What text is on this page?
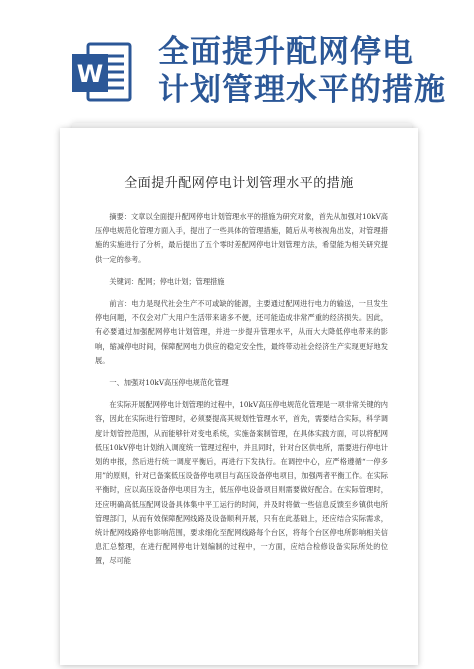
W
全面提升配网停电
计划管理水平的措施
全面提升配网停电计划管理水平的措施

摘要：文章以全面提升配网停电计划管理水平的措施为研究对象，首先从加强对10kV高压停电规范化管理方面入手，提出了一些具体的管理措施，随后从考核视角出发，对管理措施的实施进行了分析，最后提出了五个零时差配网停电计划管理方法，希望能为相关研究提供一定的参考。

关键词：配网；停电计划；管理措施

前言：电力是现代社会生产不可或缺的能源，主要通过配网进行电力的输送，一旦发生停电问题，不仅会对广大用户生活带来诸多不便，还可能造成非常严重的经济损失。因此，有必要通过加强配网停电计划管理，并进一步提升管理水平，从而大大降低停电带来的影响，缩减停电时间，保障配网电力供应的稳定安全性，最终带动社会经济生产实现更好地发展。

一、加强对10kV高压停电规范化管理

在实际开展配网停电计划管理的过程中，10kV高压停电规范化管理是一项非常关键的内容，因此在实际进行管理时，必须要提高其规划性管理水平，首先，需要结合实际，科学调度计划管控范围，从而能够针对变电系统，实施备案制管理，在具体实践方面，可以将配网低压10kV停电计划纳入调度统一管理过程中，并且同时，针对台区供电所，需要进行停电计划的申报，然后进行统一调度平衡后，再进行下发执行。在调控中心，应严格遵循“一停多用”的原则，针对已备案低压设备停电项目与高压设备停电项目，加强两者平衡工作。在实际平衡时，应以高压设备停电项目为主，低压停电设备项目则需要做好配合。在实际管理时，还应明确高低压配网设备具体集中平工运行的时间，并及时将做一些信息反馈至乡镇供电所管理部门，从而有效保障配网线路及设备顺利开展，只有在此基础上，还应结合实际需求，统计配网线路停电影响范围，要求细化至配网线路每个台区，将每个台区停电所影响相关信息汇总整理，在进行配网停电计划编制的过程中，一方面，应结合检修设备实际所处的位置，尽可能
